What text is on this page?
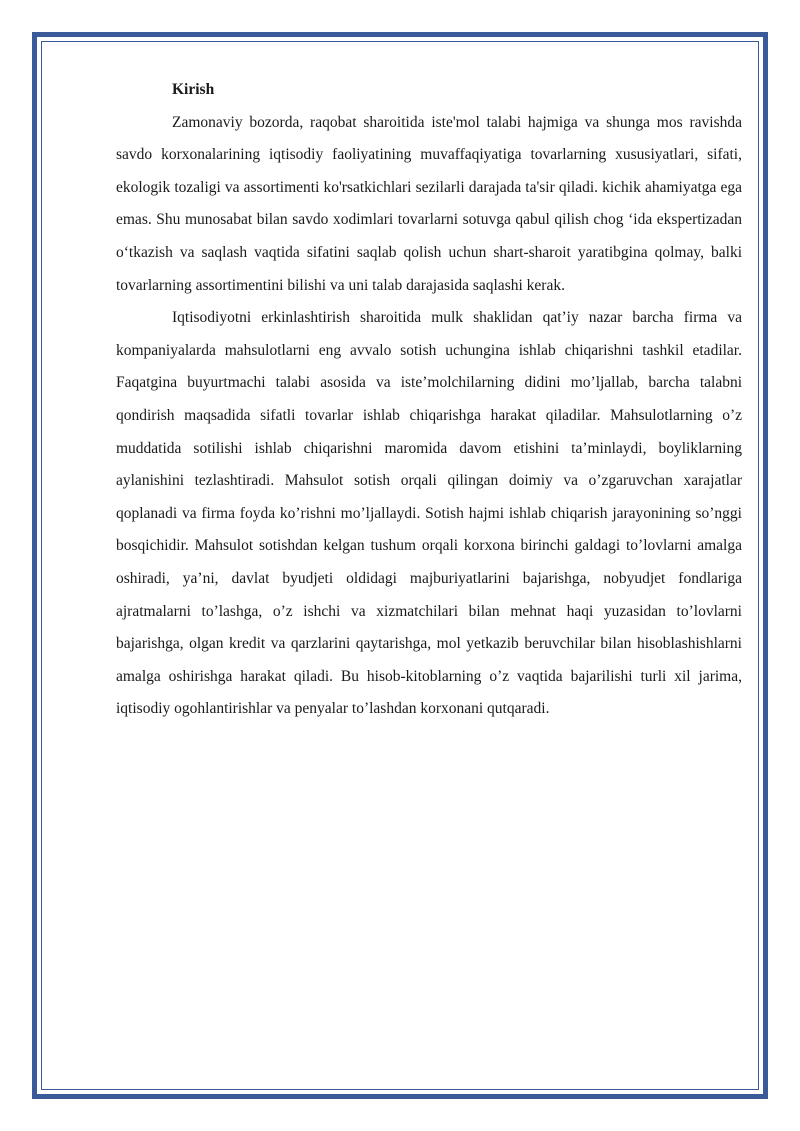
Kirish

Zamonaviy bozorda, raqobat sharoitida iste'mol talabi hajmiga va shunga mos ravishda savdo korxonalarining iqtisodiy faoliyatining muvaffaqiyatiga tovarlarning xususiyatlari, sifati, ekologik tozaligi va assortimenti ko'rsatkichlari sezilarli darajada ta'sir qiladi. kichik ahamiyatga ega emas. Shu munosabat bilan savdo xodimlari tovarlarni sotuvga qabul qilish chog ‘ida ekspertizadan o‘tkazish va saqlash vaqtida sifatini saqlab qolish uchun shart-sharoit yaratibgina qolmay, balki tovarlarning assortimentini bilishi va uni talab darajasida saqlashi kerak.

Iqtisodiyotni erkinlashtirish sharoitida mulk shaklidan qat’iy nazar barcha firma va kompaniyalarda mahsulotlarni eng avvalo sotish uchungina ishlab chiqarishni tashkil etadilar. Faqatgina buyurtmachi talabi asosida va iste’molchilarning didini mo’ljallab, barcha talabni qondirish maqsadida sifatli tovarlar ishlab chiqarishga harakat qiladilar. Mahsulotlarning o’z muddatida sotilishi ishlab chiqarishni maromida davom etishini ta’minlaydi, boyliklarning aylanishini tezlashtiradi. Mahsulot sotish orqali qilingan doimiy va o’zgaruvchan xarajatlar qoplanadi va firma foyda ko’rishni mo’ljallaydi. Sotish hajmi ishlab chiqarish jarayonining so’nggi bosqichidir. Mahsulot sotishdan kelgan tushum orqali korxona birinchi galdagi to’lovlarni amalga oshiradi, ya’ni, davlat byudjeti oldidagi majburiyatlarini bajarishga, nobyudjet fondlariga ajratmalarni to’lashga, o’z ishchi va xizmatchilari bilan mehnat haqi yuzasidan to’lovlarni bajarishga, olgan kredit va qarzlarini qaytarishga, mol yetkazib beruvchilar bilan hisoblashishlarni amalga oshirishga harakat qiladi. Bu hisob-kitoblarning o’z vaqtida bajarilishi turli xil jarima, iqtisodiy ogohlantirishlar va penyalar to’lashdan korxonani qutqaradi.
